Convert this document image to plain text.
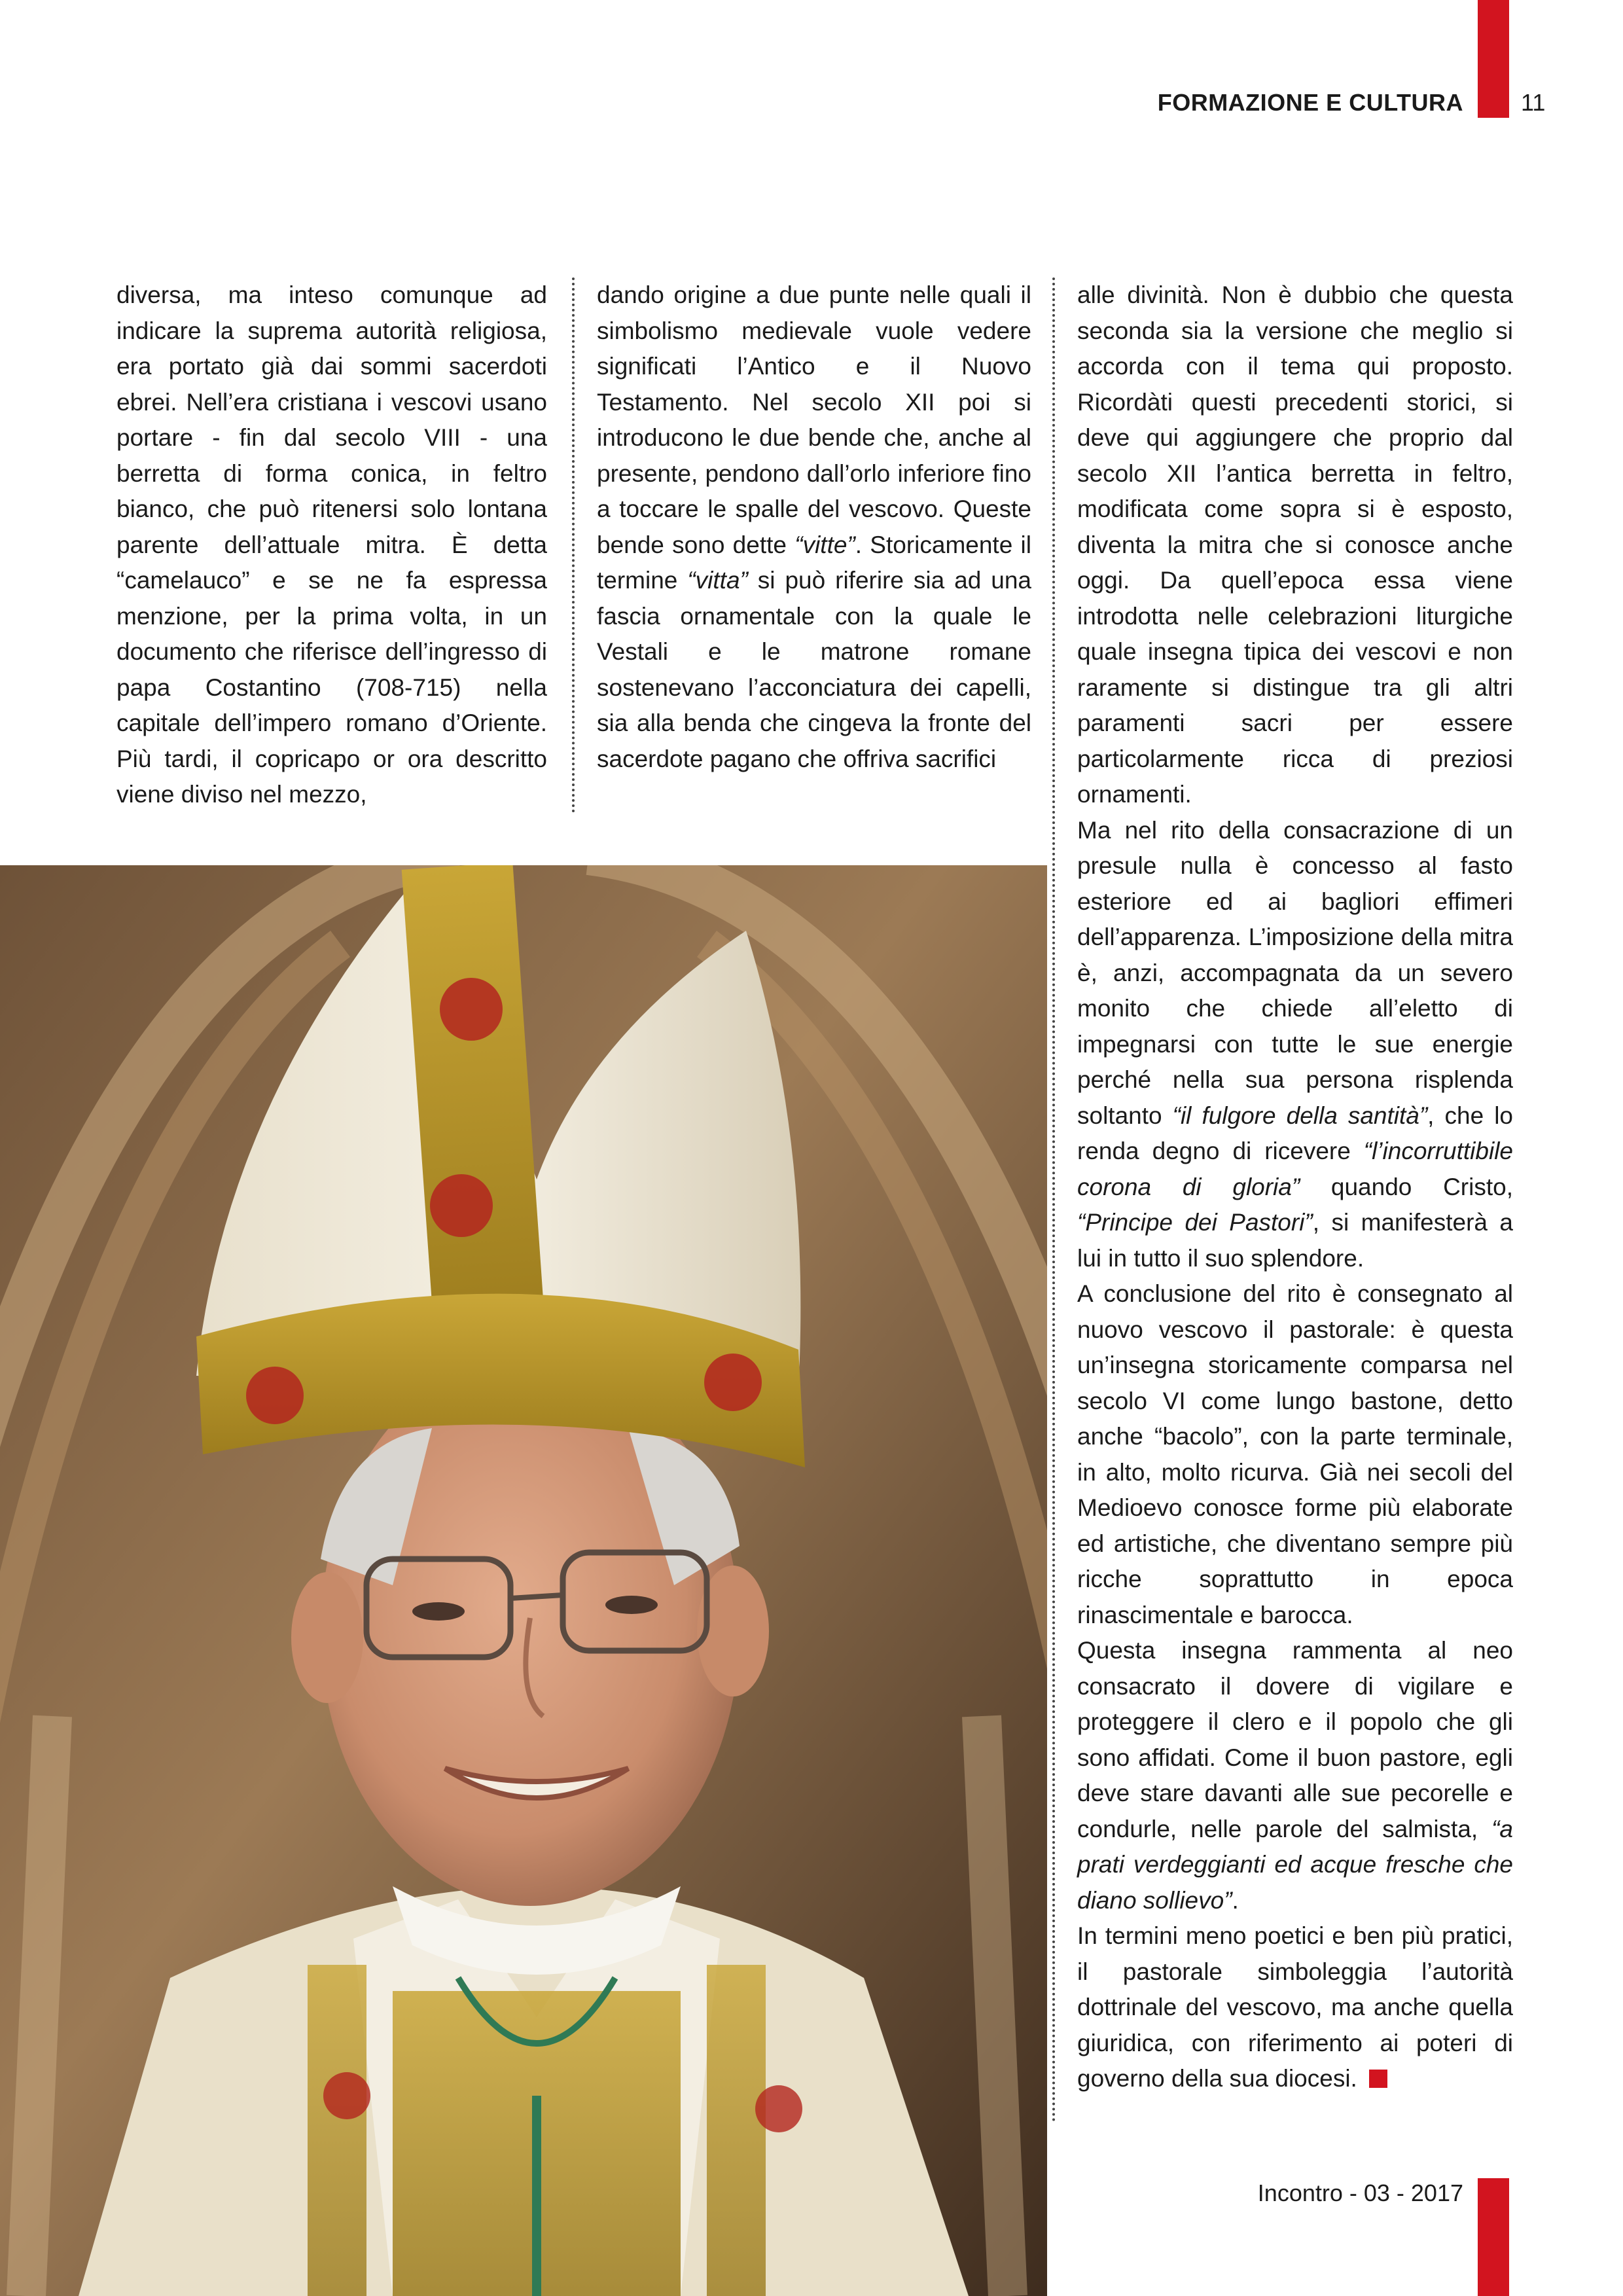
FORMAZIONE E CULTURA 11

diversa, ma inteso comunque ad indicare la suprema autorità religiosa, era portato già dai sommi sacerdoti ebrei. Nell’era cristiana i vescovi usano portare - fin dal secolo VIII - una berretta di forma conica, in feltro bianco, che può ritenersi solo lontana parente dell’attuale mitra. È detta “camelauco” e se ne fa espressa menzione, per la prima volta, in un documento che riferisce dell’ingresso di papa Costantino (708-715) nella capitale dell’impero romano d’Oriente. Più tardi, il copricapo or ora descritto viene diviso nel mezzo,

dando origine a due punte nelle quali il simbolismo medievale vuole vedere significati l’Antico e il Nuovo Testamento. Nel secolo XII poi si introducono le due bende che, anche al presente, pendono dall’orlo inferiore fino a toccare le spalle del vescovo. Queste bende sono dette “vitte”. Storicamente il termine “vitta” si può riferire sia ad una fascia ornamentale con la quale le Vestali e le matrone romane sostenevano l’acconciatura dei capelli, sia alla benda che cingeva la fronte del sacerdote pagano che offriva sacrifici

alle divinità. Non è dubbio che questa seconda sia la versione che meglio si accorda con il tema qui proposto. Ricordàti questi precedenti storici, si deve qui aggiungere che proprio dal secolo XII l’antica berretta in feltro, modificata come sopra si è esposto, diventa la mitra che si conosce anche oggi. Da quell’epoca essa viene introdotta nelle celebrazioni liturgiche quale insegna tipica dei vescovi e non raramente si distingue tra gli altri paramenti sacri per essere particolarmente ricca di preziosi ornamenti.

Ma nel rito della consacrazione di un presule nulla è concesso al fasto esteriore ed ai bagliori effimeri dell’apparenza. L’imposizione della mitra è, anzi, accompagnata da un severo monito che chiede all’eletto di impegnarsi con tutte le sue energie perché nella sua persona risplenda soltanto “il fulgore della santità”, che lo renda degno di ricevere “l’incorruttibile corona di gloria” quando Cristo, “Principe dei Pastori”, si manifesterà a lui in tutto il suo splendore.

A conclusione del rito è consegnato al nuovo vescovo il pastorale: è questa un’insegna storicamente comparsa nel secolo VI come lungo bastone, detto anche “bacolo”, con la parte terminale, in alto, molto ricurva. Già nei secoli del Medioevo conosce forme più elaborate ed artistiche, che diventano sempre più ricche soprattutto in epoca rinascimentale e barocca.

Questa insegna rammenta al neo consacrato il dovere di vigilare e proteggere il clero e il popolo che gli sono affidati. Come il buon pastore, egli deve stare davanti alle sue pecorelle e condurle, nelle parole del salmista, “a prati verdeggianti ed acque fresche che diano sollievo”.

In termini meno poetici e ben più pratici, il pastorale simboleggia l’autorità dottrinale del vescovo, ma anche quella giuridica, con riferimento ai poteri di governo della sua diocesi.

Incontro - 03 - 2017
